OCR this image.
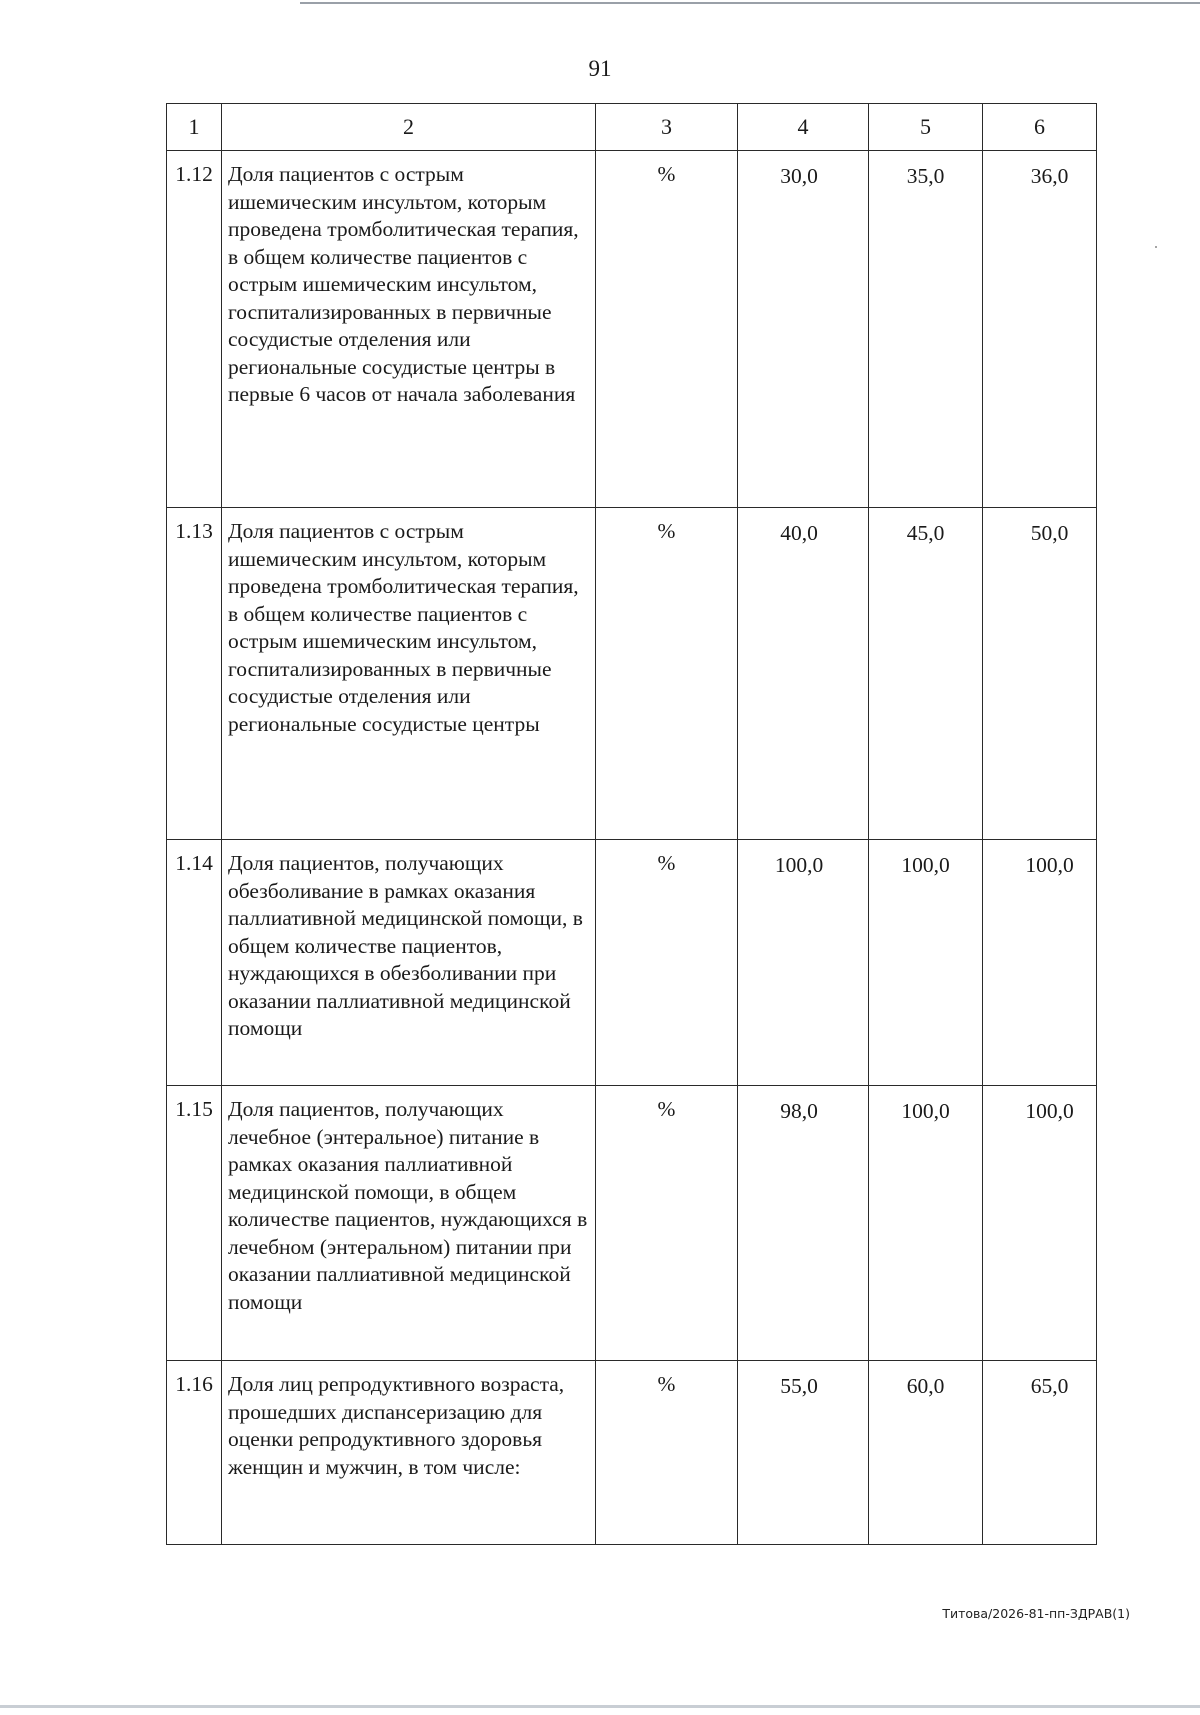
91
1	2	3	4	5	6
1.12	Доля пациентов с острым ишемическим инсультом, которым проведена тромболитическая терапия, в общем количестве пациентов с острым ишемическим инсультом, госпитализированных в первичные сосудистые отделения или региональные сосудистые центры в первые 6 часов от начала заболевания	%	30,0	35,0	36,0
1.13	Доля пациентов с острым ишемическим инсультом, которым проведена тромболитическая терапия, в общем количестве пациентов с острым ишемическим инсультом, госпитализированных в первичные сосудистые отделения или региональные сосудистые центры	%	40,0	45,0	50,0
1.14	Доля пациентов, получающих обезболивание в рамках оказания паллиативной медицинской помощи, в общем количестве пациентов, нуждающихся в обезболивании при оказании паллиативной медицинской помощи	%	100,0	100,0	100,0
1.15	Доля пациентов, получающих лечебное (энтеральное) питание в рамках оказания паллиативной медицинской помощи, в общем количестве пациентов, нуждающихся в лечебном (энтеральном) питании при оказании паллиативной медицинской помощи	%	98,0	100,0	100,0
1.16	Доля лиц репродуктивного возраста, прошедших диспансеризацию для оценки репродуктивного здоровья женщин и мужчин, в том числе:	%	55,0	60,0	65,0
Титова/2026-81-пп-ЗДРАВ(1)
